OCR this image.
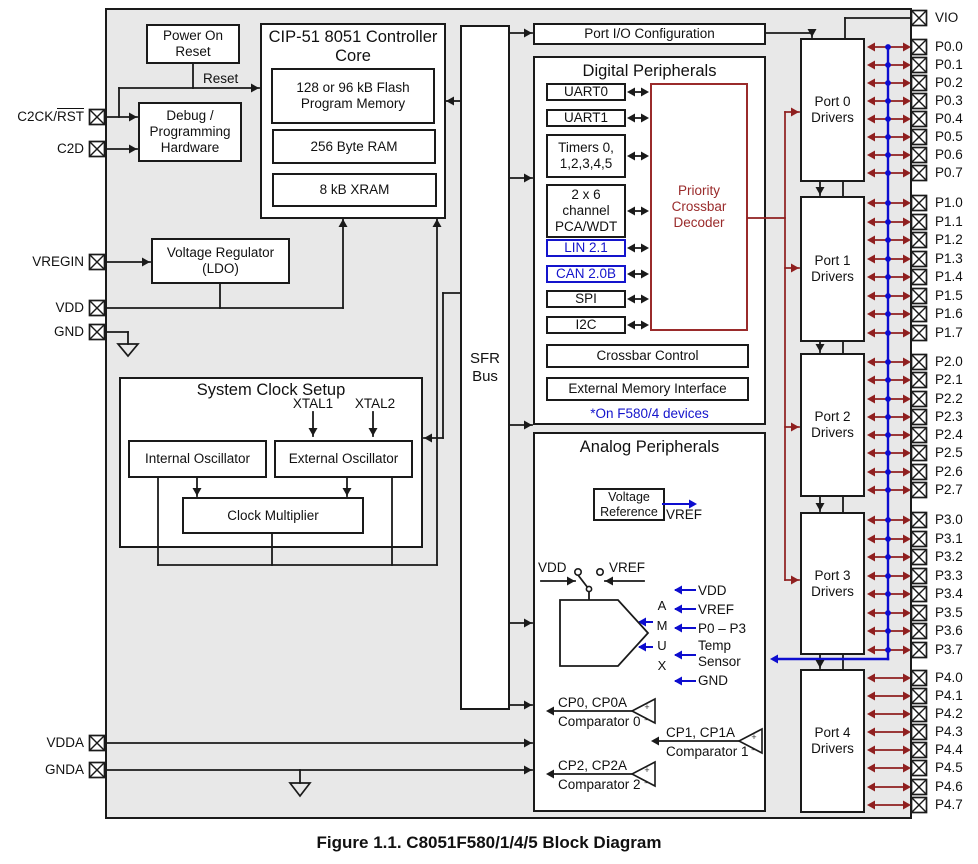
Power On Reset
Reset
Debug / Programming Hardware
CIP-51 8051 Controller Core
128 or 96 kB Flash Program Memory
256 Byte RAM
8 kB XRAM
Voltage Regulator (LDO)
System Clock Setup
XTAL1 XTAL2
Internal Oscillator	External Oscillator
Clock Multiplier
SFR Bus
Port I/O Configuration
Digital Peripherals
Priority Crossbar Decoder
UART0
UART1
Timers 0, 1,2,3,4,5
2 x 6 channel PCA/WDT
LIN 2.1
CAN 2.0B
SPI
I2C
Crossbar Control
External Memory Interface
*On F580/4 devices
Analog Peripherals
Voltage Reference VREF
VDD	VREF
AMUX
CP0, CP0A
Comparator 0
CP1, CP1A
Comparator 1
CP2, CP2A
Comparator 2
Figure 1.1. C8051F580/1/4/5 Block Diagram
$C2CK/\overline{RST}$
C2D
VREGIN
VDD
GND
VDDA
GNDA
VIO
Port 0 Drivers
P0.0
P0.1
P0.2
P0.3
P0.4
P0.5
P0.6
P0.7
Port 1 Drivers
P1.0
P1.1
P1.2
P1.3
P1.4
P1.5
P1.6
P1.7
Port 2 Drivers
P2.0
P2.1
P2.2
P2.3
P2.4
P2.5
P2.6
P2.7
Port 3 Drivers
P3.0
P3.1
P3.2
P3.3
P3.4
P3.5
P3.6
P3.7
Port 4 Drivers
P4.0
P4.1
P4.2
P4.3
P4.4
P4.5
P4.6
P4.7
VDD
VREF
P0 – P3
Temp Sensor
GND
+
–
+
–
+
–
